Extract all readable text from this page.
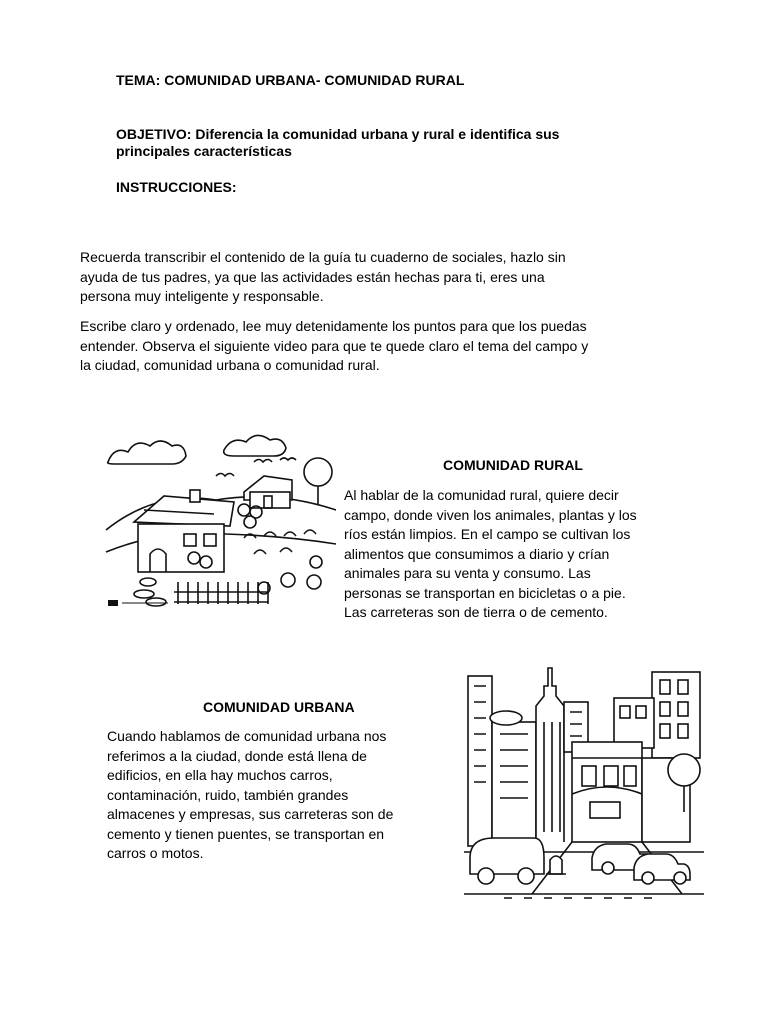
TEMA: COMUNIDAD URBANA- COMUNIDAD RURAL
OBJETIVO: Diferencia la comunidad urbana y rural e identifica sus
principales características
INSTRUCCIONES:
Recuerda transcribir el contenido de la guía tu cuaderno de sociales, hazlo sin
ayuda de tus padres, ya que las actividades están hechas para ti, eres una
persona muy inteligente y responsable.
Escribe claro y ordenado, lee muy detenidamente los puntos para que los puedas
entender. Observa el siguiente video para que te quede claro el tema del campo y
la ciudad, comunidad urbana o comunidad rural.
COMUNIDAD RURAL
Al hablar de la comunidad rural, quiere decir
campo, donde viven los animales, plantas y los
ríos están limpios. En el campo se cultivan los
alimentos que consumimos a diario y crían
animales para su venta y consumo. Las
personas se transportan en bicicletas o a pie.
Las carreteras son de tierra o de cemento.
COMUNIDAD URBANA
Cuando hablamos de comunidad urbana nos
referimos a la ciudad, donde está llena de
edificios, en ella hay muchos carros,
contaminación, ruido, también grandes
almacenes y empresas, sus carreteras son de
cemento y tienen puentes, se transportan en
carros o motos.
